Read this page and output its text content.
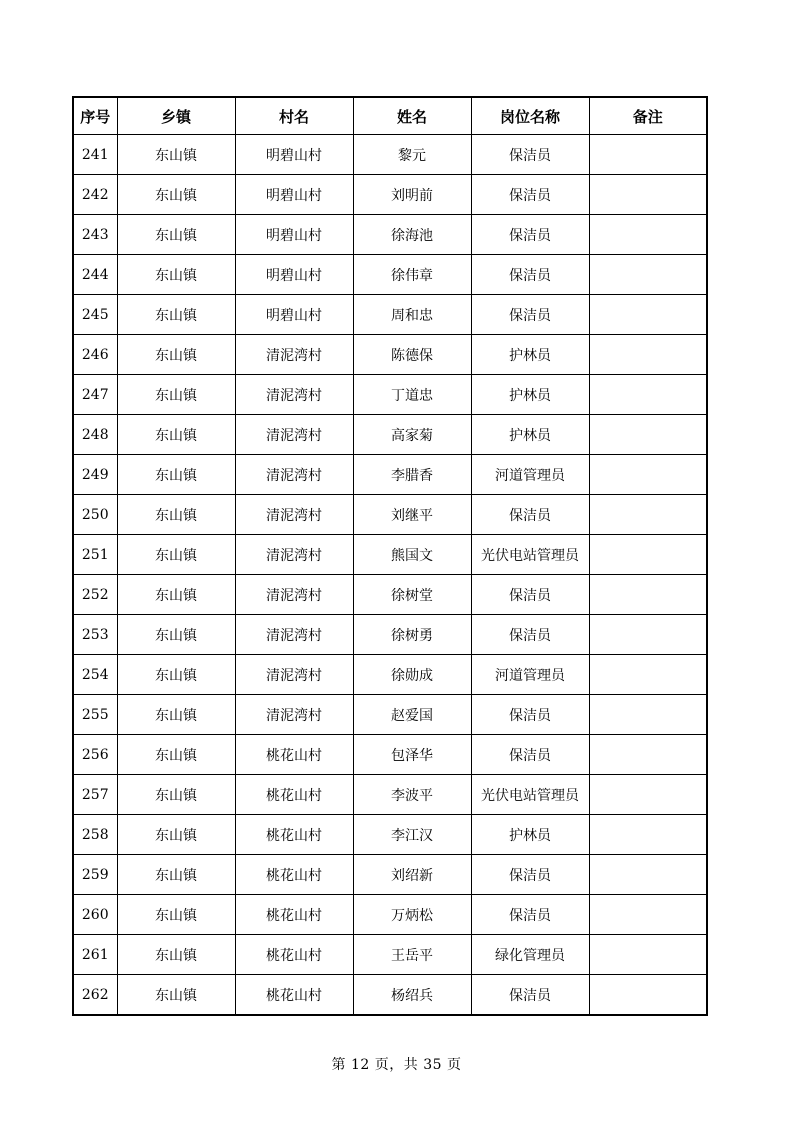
序号	乡镇	村名	姓名	岗位名称	备注
241	东山镇	明碧山村	黎元	保洁员	
242	东山镇	明碧山村	刘明前	保洁员	
243	东山镇	明碧山村	徐海池	保洁员	
244	东山镇	明碧山村	徐伟章	保洁员	
245	东山镇	明碧山村	周和忠	保洁员	
246	东山镇	清泥湾村	陈德保	护林员	
247	东山镇	清泥湾村	丁道忠	护林员	
248	东山镇	清泥湾村	高家菊	护林员	
249	东山镇	清泥湾村	李腊香	河道管理员	
250	东山镇	清泥湾村	刘继平	保洁员	
251	东山镇	清泥湾村	熊国文	光伏电站管理员	
252	东山镇	清泥湾村	徐树堂	保洁员	
253	东山镇	清泥湾村	徐树勇	保洁员	
254	东山镇	清泥湾村	徐勋成	河道管理员	
255	东山镇	清泥湾村	赵爱国	保洁员	
256	东山镇	桃花山村	包泽华	保洁员	
257	东山镇	桃花山村	李波平	光伏电站管理员	
258	东山镇	桃花山村	李江汉	护林员	
259	东山镇	桃花山村	刘绍新	保洁员	
260	东山镇	桃花山村	万炳松	保洁员	
261	东山镇	桃花山村	王岳平	绿化管理员	
262	东山镇	桃花山村	杨绍兵	保洁员	
第 12 页，共 35 页
